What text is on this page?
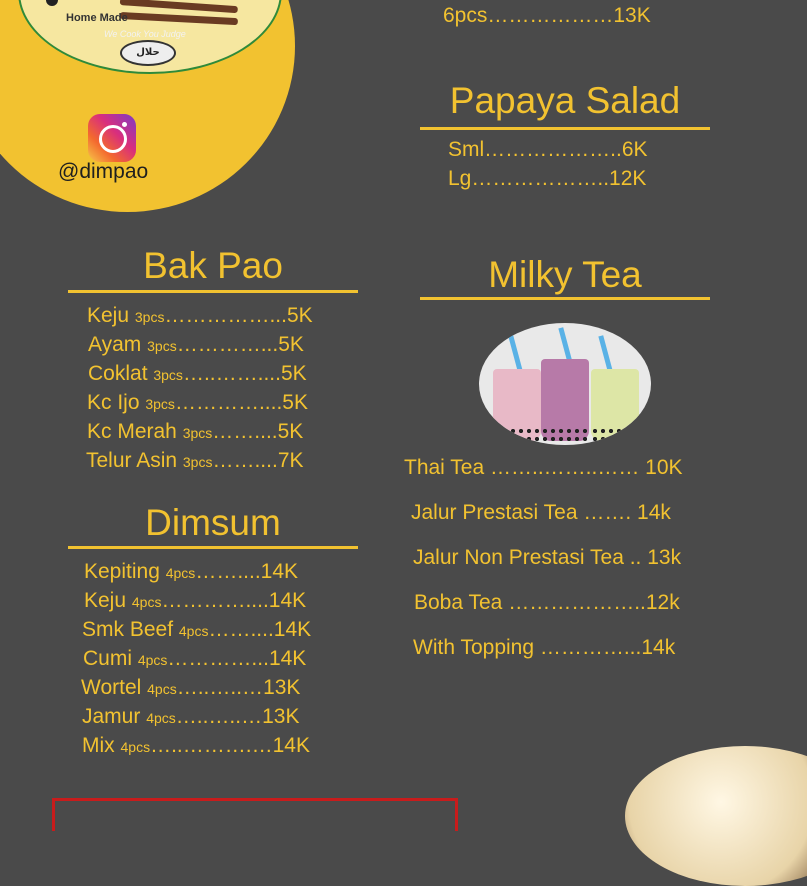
Home Made
We Cook You Judge
حلال
@dimpao
6pcs………………13K
Papaya Salad
Sml………………..6K
Lg………………..12K
Bak Pao
Keju 3pcs……………...5K
Ayam 3pcs…………...5K
Coklat 3pcs…..……....5K
Kc Ijo 3pcs…………....5K
Kc Merah 3pcs……....5K
Telur Asin 3pcs……....7K
Dimsum
Kepiting 4pcs……....14K
Keju 4pcs…………....14K
Smk Beef 4pcs……....14K
Cumi 4pcs…………...14K
Wortel 4pcs…..…..…13K
Jamur 4pcs…..…..…13K
Mix 4pcs…..……….…14K
Milky Tea
Thai Tea ……..……..…… 10K
Jalur Prestasi Tea ……. 14k
Jalur Non Prestasi Tea .. 13k
Boba Tea ………………..12k
With Topping …………...14k
